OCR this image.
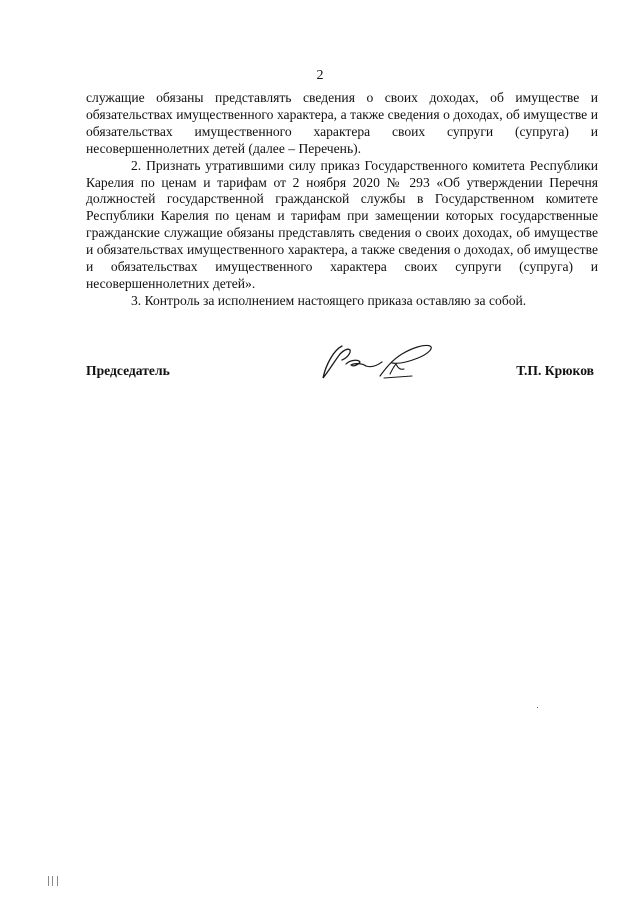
2

служащие обязаны представлять сведения о своих доходах, об имуществе и обязательствах имущественного характера, а также сведения о доходах, об имуществе и обязательствах имущественного характера своих супруги (супруга) и несовершеннолетних детей (далее – Перечень).

2. Признать утратившими силу приказ Государственного комитета Республики Карелия по ценам и тарифам от 2 ноября 2020 № 293 «Об утверждении Перечня должностей государственной гражданской службы в Государственном комитете Республики Карелия по ценам и тарифам при замещении которых государственные гражданские служащие обязаны представлять сведения о своих доходах, об имуществе и обязательствах имущественного характера, а также сведения о доходах, об имуществе и обязательствах имущественного характера своих супруги (супруга) и несовершеннолетних детей».

3. Контроль за исполнением настоящего приказа оставляю за собой.

Председатель	Т.П. Крюков
